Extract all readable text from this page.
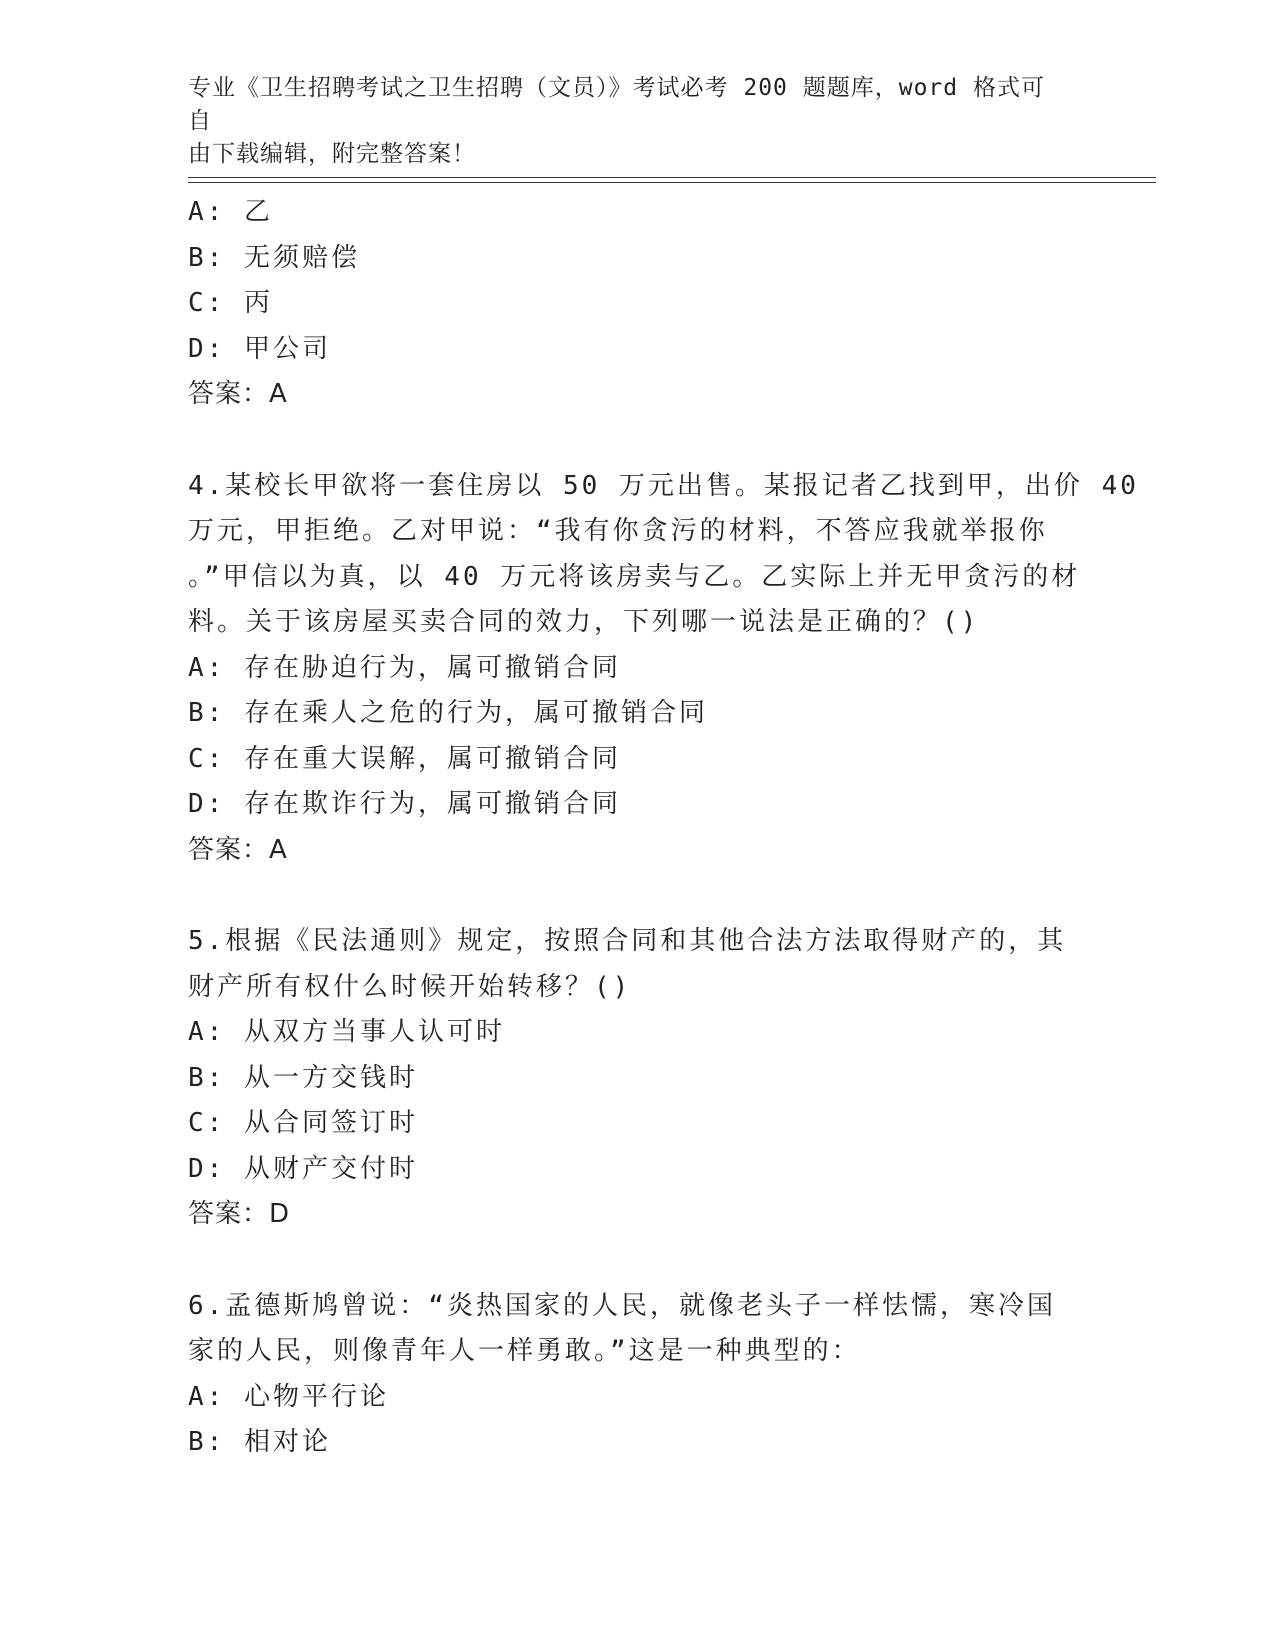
专业《卫生招聘考试之卫生招聘（文员）》考试必考 200 题题库，word 格式可自
由下载编辑，附完整答案！
A: 乙
B: 无须赔偿
C: 丙
D: 甲公司
答案：A
4.某校长甲欲将一套住房以 50 万元出售。某报记者乙找到甲，出价 40
万元，甲拒绝。乙对甲说：“我有你贪污的材料，不答应我就举报你
。”甲信以为真，以 40 万元将该房卖与乙。乙实际上并无甲贪污的材
料。关于该房屋买卖合同的效力，下列哪一说法是正确的？()
A: 存在胁迫行为，属可撤销合同
B: 存在乘人之危的行为，属可撤销合同
C: 存在重大误解，属可撤销合同
D: 存在欺诈行为，属可撤销合同
答案：A
5.根据《民法通则》规定，按照合同和其他合法方法取得财产的，其
财产所有权什么时候开始转移？()
A: 从双方当事人认可时
B: 从一方交钱时
C: 从合同签订时
D: 从财产交付时
答案：D
6.孟德斯鸠曾说：“炎热国家的人民，就像老头子一样怯懦，寒冷国
家的人民，则像青年人一样勇敢。”这是一种典型的：
A: 心物平行论
B: 相对论
